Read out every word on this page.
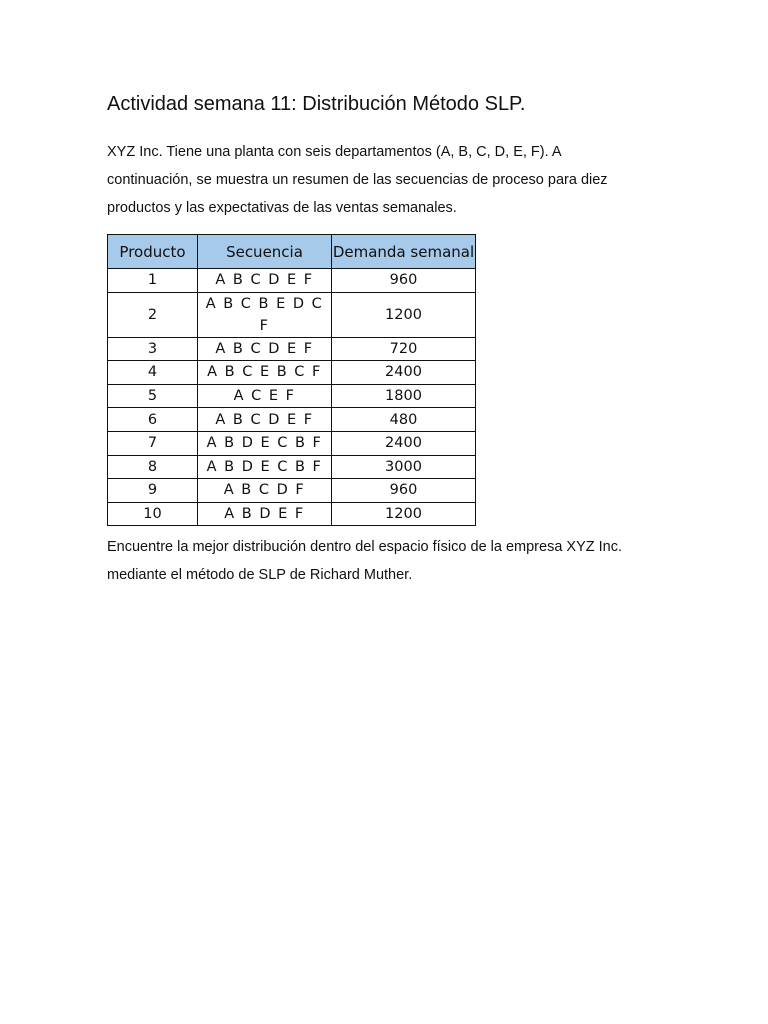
Actividad semana 11: Distribución Método SLP.
XYZ Inc. Tiene una planta con seis departamentos (A, B, C, D, E, F). A
continuación, se muestra un resumen de las secuencias de proceso para diez
productos y las expectativas de las ventas semanales.
Producto	Secuencia	Demanda semanal
1	A B C D E F	960
2	A B C B E D C F	1200
3	A B C D E F	720
4	A B C E B C F	2400
5	A C E F	1800
6	A B C D E F	480
7	A B D E C B F	2400
8	A B D E C B F	3000
9	A B C D F	960
10	A B D E F	1200
Encuentre la mejor distribución dentro del espacio físico de la empresa XYZ Inc.
mediante el método de SLP de Richard Muther.
